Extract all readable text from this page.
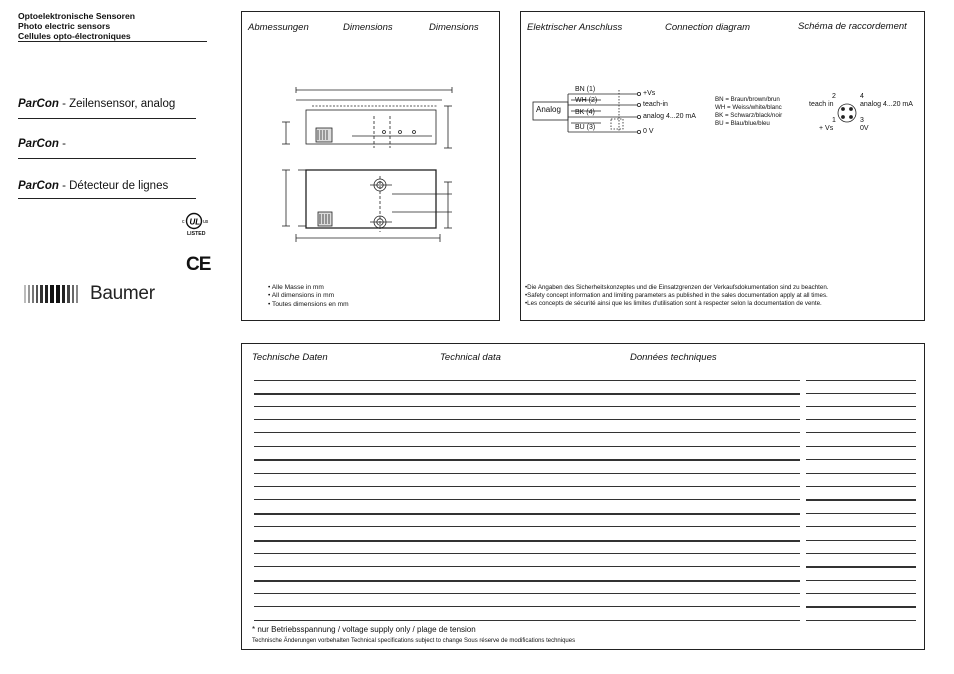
Optoelektronische Sensoren
Photo electric sensors
Cellules opto-électroniques
ParCon - Zeilensensor, analog
ParCon -
ParCon - Détecteur de lignes
c UL us
LISTED
CE
Baumer
Abmessungen	Dimensions	Dimensions
• Alle Masse in mm
• All dimensions in mm
• Toutes dimensions en mm
Elektrischer Anschluss	Connection diagram	Schéma de raccordement
Analog
BN (1)
WH (2)
BK (4)
BU (3)
+Vs
teach-in
analog 4...20 mA
0 V
BN = Braun/brown/brun
WH = Weiss/white/blanc
BK = Schwarz/black/noir
BU = Blau/blue/bleu
2
teach in
4
analog 4...20 mA
1
+ Vs
3
0V
•Die Angaben des Sicherheitskonzeptes und die Einsatzgrenzen der Verkaufsdokumentation sind zu beachten.
•Safety concept information and limiting parameters as published in the sales documentation apply at all times.
•Les concepts de sécurité ainsi que les limites d'utilisation sont à respecter selon la documentation de vente.
Technische Daten	Technical data	Données techniques
* nur Betriebsspannung / voltage supply only / plage de tension
Technische Änderungen vorbehalten Technical specifications subject to change Sous réserve de modifications techniques
